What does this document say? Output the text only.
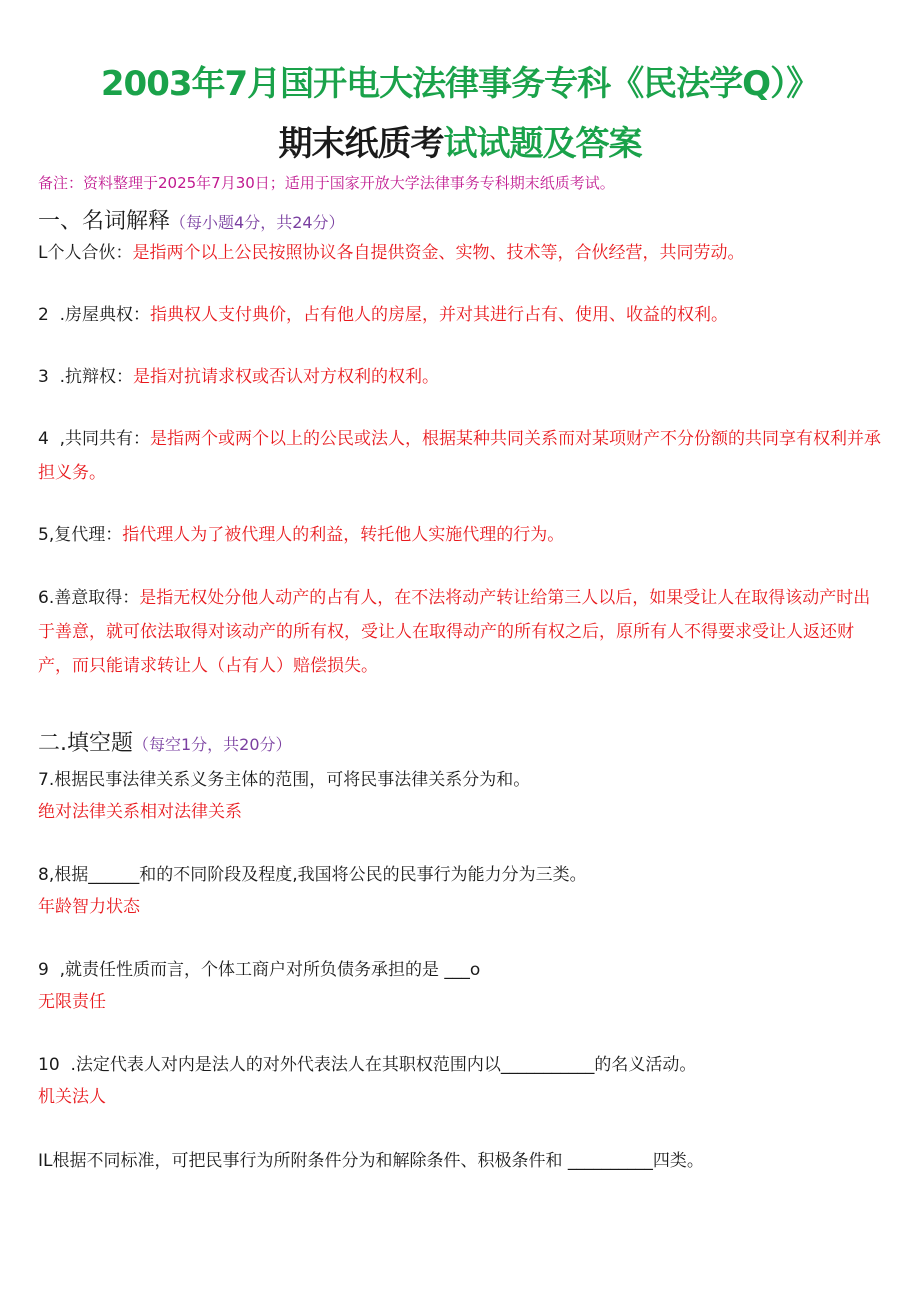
2003年7月国开电大法律事务专科《民法学Q）》
期末纸质考试试题及答案
备注：资料整理于2025年7月30日；适用于国家开放大学法律事务专科期末纸质考试。
一、名词解释（每小题4分，共24分）
L个人合伙：是指两个以上公民按照协议各自提供资金、实物、技术等，合伙经营，共同劳动。
2  .房屋典权：指典权人支付典价，占有他人的房屋，并对其进行占有、使用、收益的权利。
3  .抗辩权：是指对抗请求权或否认对方权利的权利。
4  ,共同共有：是指两个或两个以上的公民或法人，根据某种共同关系而对某项财产不分份额的共同享有权利并承担义务。
5,复代理：指代理人为了被代理人的利益，转托他人实施代理的行为。
6.善意取得：是指无权处分他人动产的占有人，在不法将动产转让给第三人以后，如果受让人在取得该动产时出于善意，就可依法取得对该动产的所有权，受让人在取得动产的所有权之后，原所有人不得要求受让人返还财产，而只能请求转让人（占有人）赔偿损失。
二.填空题（每空1分，共20分）
7.根据民事法律关系义务主体的范围，可将民事法律关系分为和。
绝对法律关系相对法律关系
8,根据______和的不同阶段及程度,我国将公民的民事行为能力分为三类。
年龄智力状态
9  ,就责任性质而言，个体工商户对所负债务承担的是 ___o
无限责任
10  .法定代表人对内是法人的对外代表法人在其职权范围内以___________的名义活动。
机关法人
IL根据不同标准，可把民事行为所附条件分为和解除条件、积极条件和 __________四类。
